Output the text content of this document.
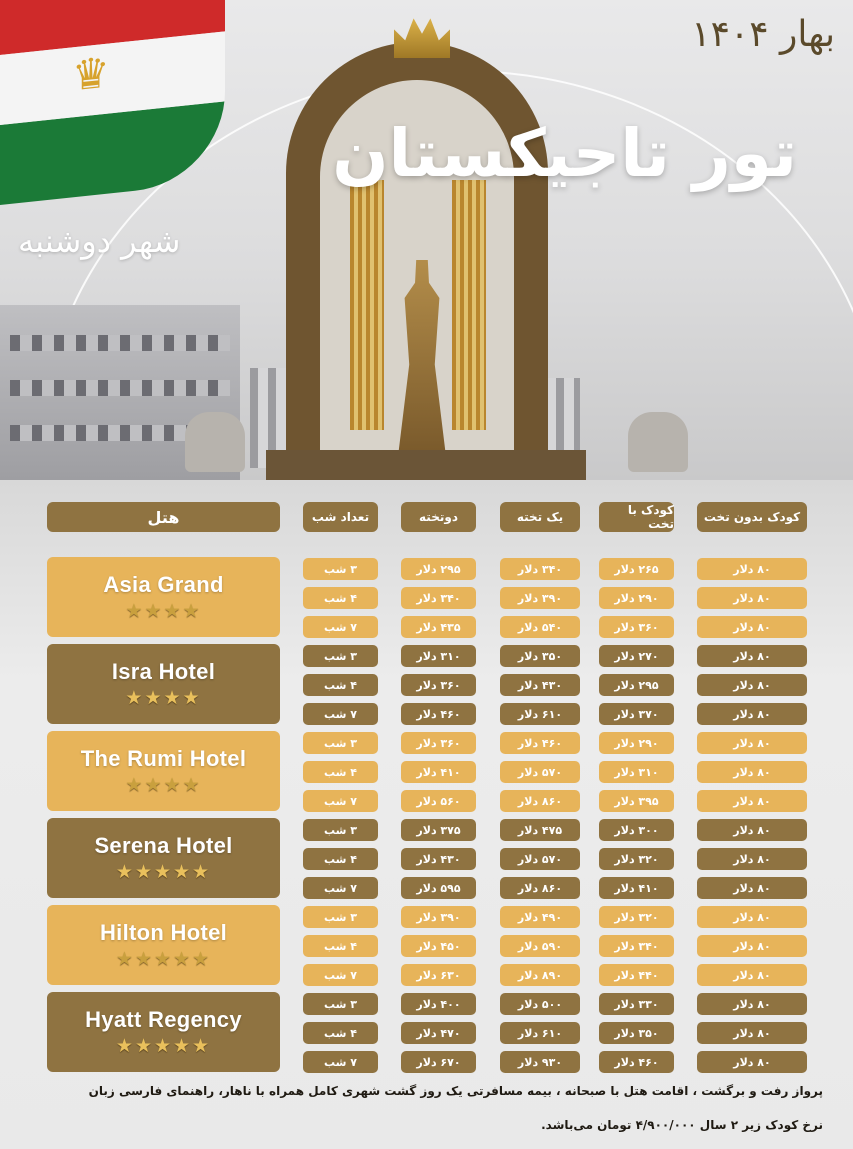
♛
بهار ۱۴۰۴
تور تاجیکستان
شهر دوشنبه
هتل	تعداد شب	دوتخته	یک تخته	کودک با تخت	کودک بدون تخت
Asia Grand
★★★★
۳ شب	۲۹۵ دلار	۳۴۰ دلار	۲۶۵ دلار	۸۰ دلار
۴ شب	۳۴۰ دلار	۳۹۰ دلار	۲۹۰ دلار	۸۰ دلار
۷ شب	۴۳۵ دلار	۵۴۰ دلار	۳۶۰ دلار	۸۰ دلار
Isra Hotel
★★★★
۳ شب	۳۱۰ دلار	۳۵۰ دلار	۲۷۰ دلار	۸۰ دلار
۴ شب	۳۶۰ دلار	۴۳۰ دلار	۲۹۵ دلار	۸۰ دلار
۷ شب	۴۶۰ دلار	۶۱۰ دلار	۳۷۰ دلار	۸۰ دلار
The Rumi Hotel
★★★★
۳ شب	۳۶۰ دلار	۴۶۰ دلار	۲۹۰ دلار	۸۰ دلار
۴ شب	۴۱۰ دلار	۵۷۰ دلار	۳۱۰ دلار	۸۰ دلار
۷ شب	۵۶۰ دلار	۸۶۰ دلار	۳۹۵ دلار	۸۰ دلار
Serena Hotel
★★★★★
۳ شب	۳۷۵ دلار	۴۷۵ دلار	۳۰۰ دلار	۸۰ دلار
۴ شب	۴۳۰ دلار	۵۷۰ دلار	۳۲۰ دلار	۸۰ دلار
۷ شب	۵۹۵ دلار	۸۶۰ دلار	۴۱۰ دلار	۸۰ دلار
Hilton Hotel
★★★★★
۳ شب	۳۹۰ دلار	۴۹۰ دلار	۳۲۰ دلار	۸۰ دلار
۴ شب	۴۵۰ دلار	۵۹۰ دلار	۳۴۰ دلار	۸۰ دلار
۷ شب	۶۳۰ دلار	۸۹۰ دلار	۴۴۰ دلار	۸۰ دلار
Hyatt Regency
★★★★★
۳ شب	۴۰۰ دلار	۵۰۰ دلار	۳۳۰ دلار	۸۰ دلار
۴ شب	۴۷۰ دلار	۶۱۰ دلار	۳۵۰ دلار	۸۰ دلار
۷ شب	۶۷۰ دلار	۹۳۰ دلار	۴۶۰ دلار	۸۰ دلار
پرواز رفت و برگشت ، اقامت هتل با صبحانه ، بیمه مسافرتی یک روز گشت شهری کامل همراه با ناهار، راهنمای فارسی زبان
نرخ کودک زیر ۲ سال ۴/۹۰۰/۰۰۰ تومان می‌باشد.
